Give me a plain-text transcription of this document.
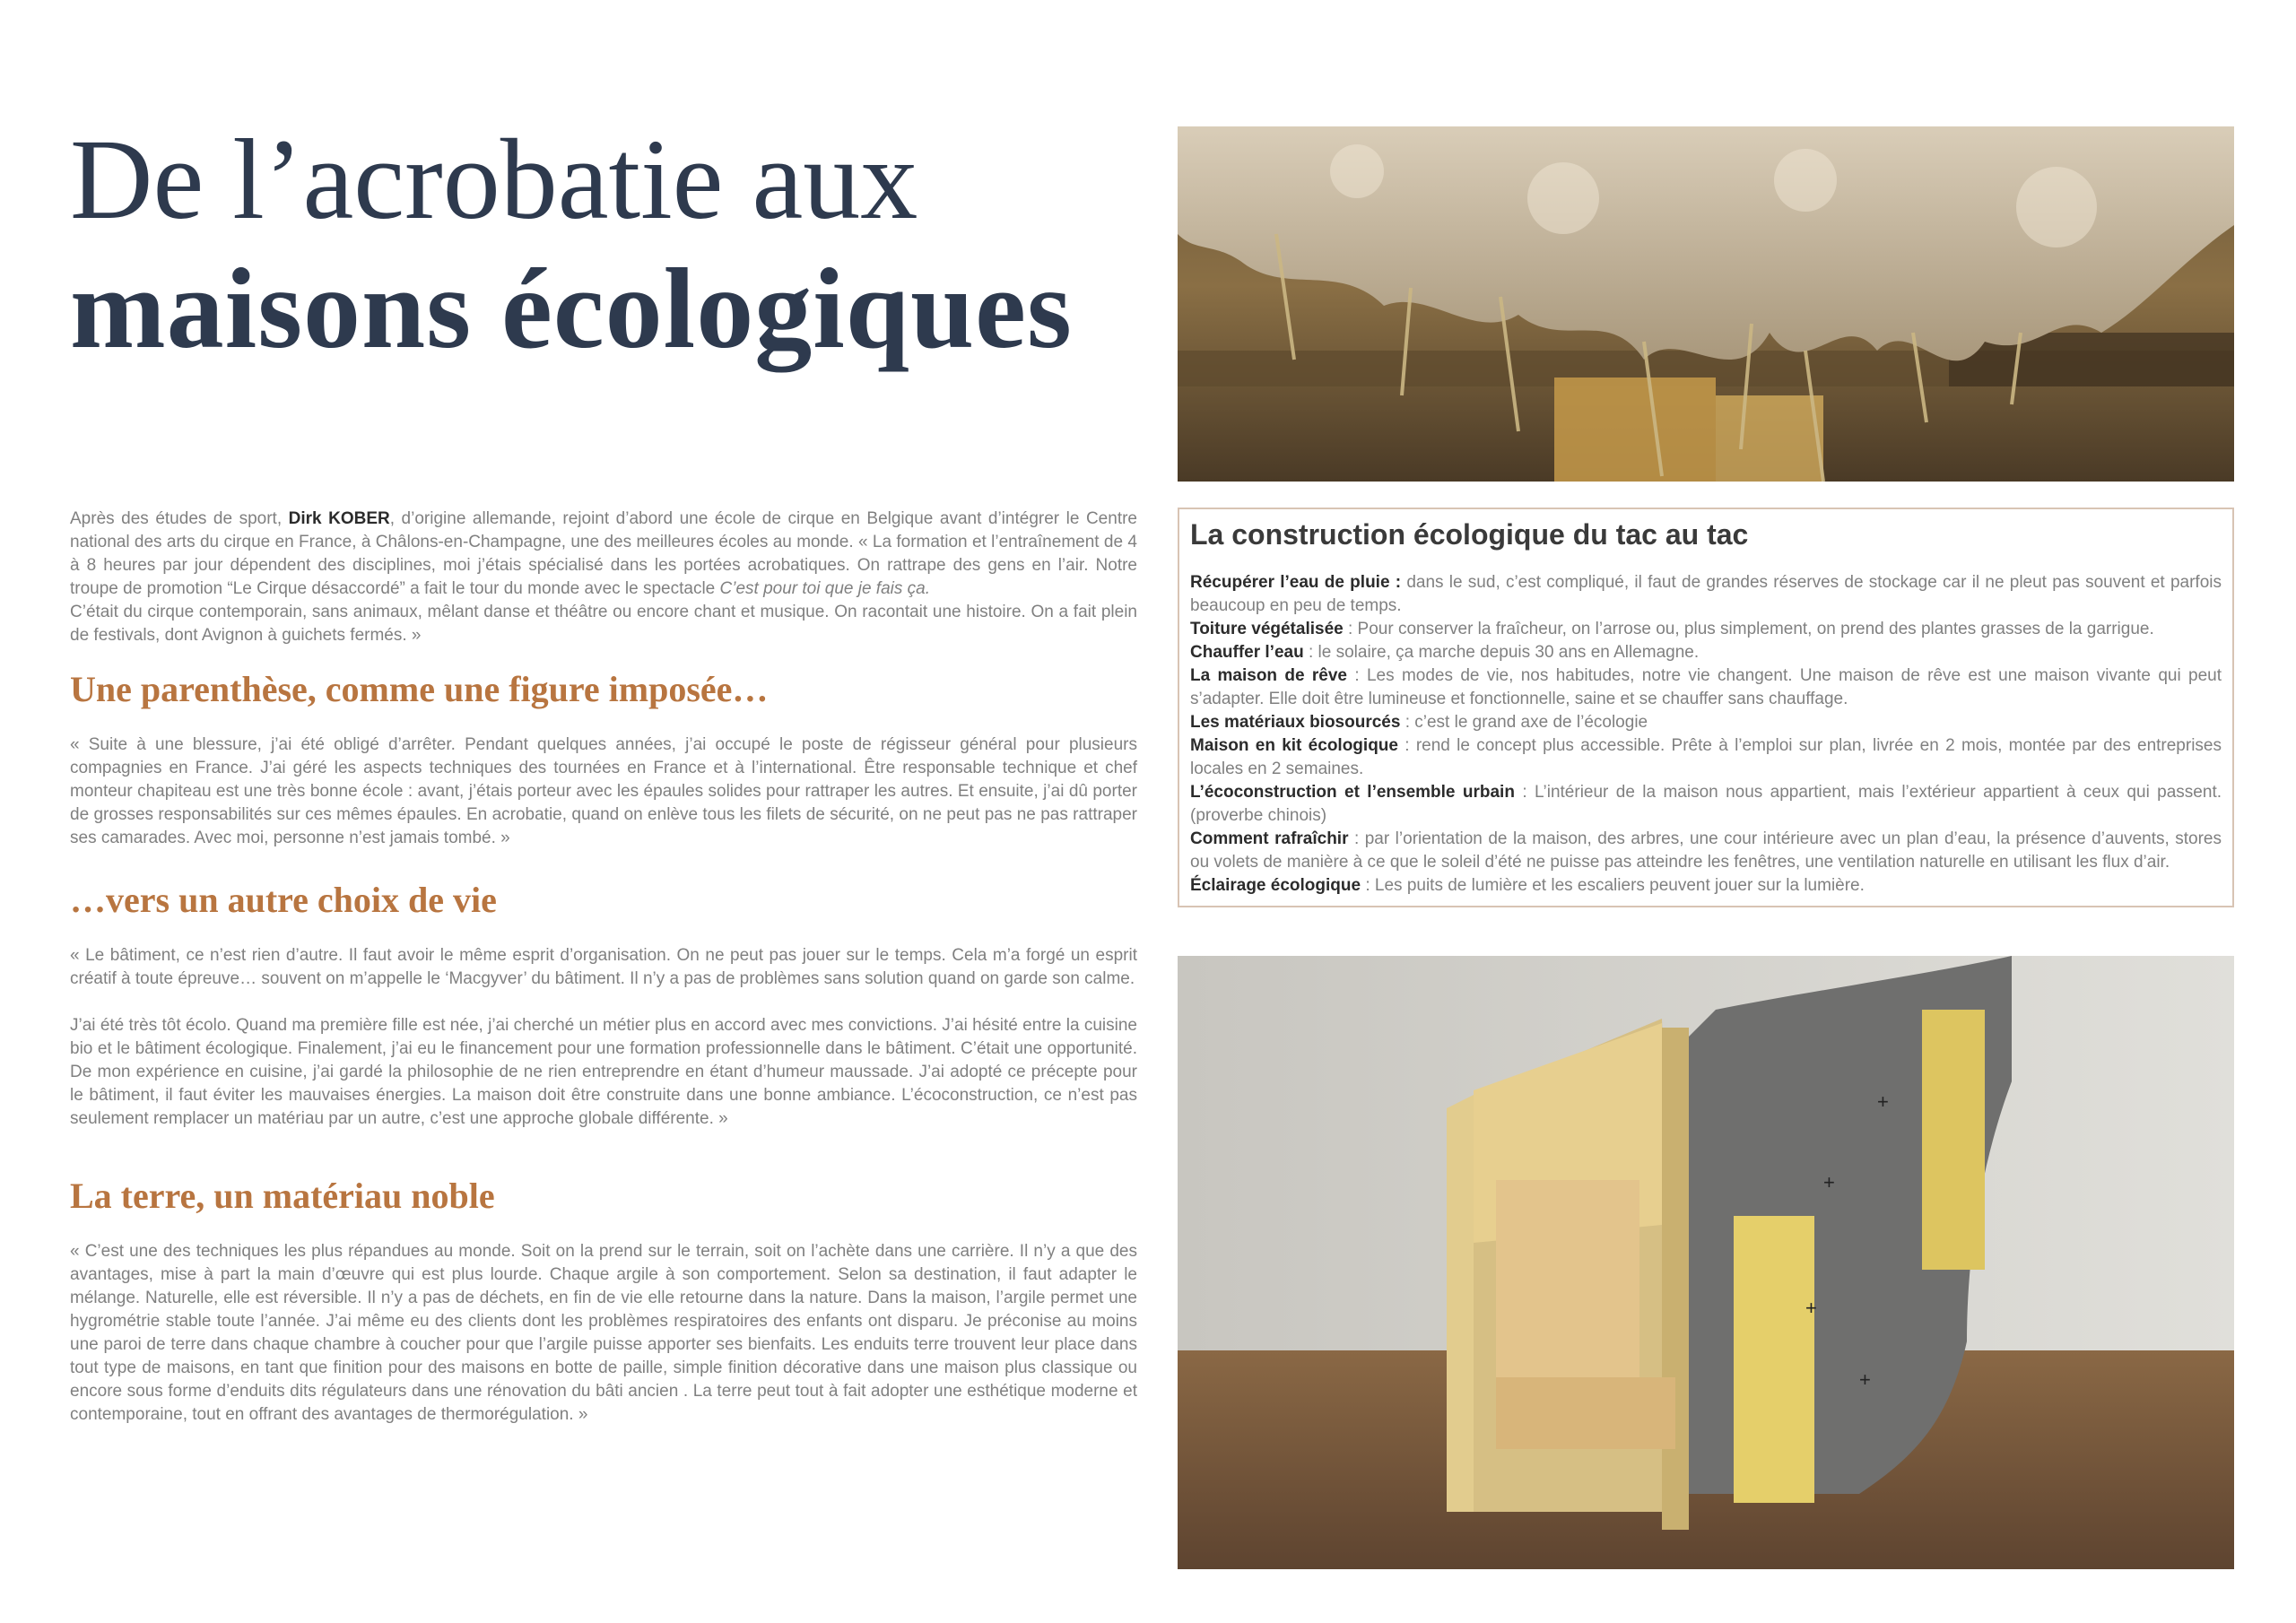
De l’acrobatie aux
maisons écologiques

Après des études de sport, Dirk KOBER, d’origine allemande, rejoint d’abord une école de cirque en Belgique avant d’intégrer le Centre national des arts du cirque en France, à Châlons-en-Champagne, une des meilleures écoles au monde. « La formation et l’entraînement de 4 à 8 heures par jour dépendent des disciplines, moi j’étais spécialisé dans les portées acrobatiques. On rattrape des gens en l’air. Notre troupe de promotion “Le Cirque désaccordé” a fait le tour du monde avec le spectacle C’est pour toi que je fais ça.
C’était du cirque contemporain, sans animaux, mêlant danse et théâtre ou encore chant et musique. On racontait une histoire. On a fait plein de festivals, dont Avignon à guichets fermés. »

Une parenthèse, comme une figure imposée…

« Suite à une blessure, j’ai été obligé d’arrêter. Pendant quelques années, j’ai occupé le poste de régisseur général pour plusieurs compagnies en France. J’ai géré les aspects techniques des tournées en France et à l’international. Être responsable technique et chef monteur chapiteau est une très bonne école : avant, j’étais porteur avec les épaules solides pour rattraper les autres. Et ensuite, j’ai dû porter de grosses responsabilités sur ces mêmes épaules. En acrobatie, quand on enlève tous les filets de sécurité, on ne peut pas ne pas rattraper ses camarades. Avec moi, personne n’est jamais tombé. »

…vers un autre choix de vie

« Le bâtiment, ce n’est rien d’autre. Il faut avoir le même esprit d’organisation. On ne peut pas jouer sur le temps. Cela m’a forgé un esprit créatif à toute épreuve… souvent on m’appelle le ‘Macgyver’ du bâtiment. Il n’y a pas de problèmes sans solution quand on garde son calme.

J’ai été très tôt écolo. Quand ma première fille est née, j’ai cherché un métier plus en accord avec mes convictions. J’ai hésité entre la cuisine bio et le bâtiment écologique. Finalement, j’ai eu le financement pour une formation professionnelle dans le bâtiment. C’était une opportunité. De mon expérience en cuisine, j’ai gardé la philosophie de ne rien entreprendre en étant d’humeur maussade. J’ai adopté ce précepte pour le bâtiment, il faut éviter les mauvaises énergies. La maison doit être construite dans une bonne ambiance. L’écoconstruction, ce n’est pas seulement remplacer un matériau par un autre, c’est une approche globale différente. »

La terre, un matériau noble

« C’est une des techniques les plus répandues au monde. Soit on la prend sur le terrain, soit on l’achète dans une carrière. Il n’y a que des avantages, mise à part la main d’œuvre qui est plus lourde. Chaque argile à son comportement. Selon sa destination, il faut adapter le mélange. Naturelle, elle est réversible. Il n’y a pas de déchets, en fin de vie elle retourne dans la nature. Dans la maison, l’argile permet une hygrométrie stable toute l’année. J’ai même eu des clients dont les problèmes respiratoires des enfants ont disparu. Je préconise au moins une paroi de terre dans chaque chambre à coucher pour que l’argile puisse apporter ses bienfaits. Les enduits terre trouvent leur place dans tout type de maisons, en tant que finition pour des maisons en botte de paille, simple finition décorative dans une maison plus classique ou encore sous forme d’enduits dits régulateurs dans une rénovation du bâti ancien . La terre peut tout à fait adopter une esthétique moderne et contemporaine, tout en offrant des avantages de thermorégulation. »

La construction écologique du tac au tac

Récupérer l’eau de pluie : dans le sud, c’est compliqué, il faut de grandes réserves de stockage car il ne pleut pas souvent et parfois beaucoup en peu de temps.

Toiture végétalisée : Pour conserver la fraîcheur, on l’arrose ou, plus simplement, on prend des plantes grasses de la garrigue.

Chauffer l’eau : le solaire, ça marche depuis 30 ans en Allemagne.

La maison de rêve : Les modes de vie, nos habitudes, notre vie changent. Une maison de rêve est une maison vivante qui peut s’adapter. Elle doit être lumineuse et fonctionnelle, saine et se chauffer sans chauffage.

Les matériaux biosourcés : c’est le grand axe de l’écologie

Maison en kit écologique : rend le concept plus accessible. Prête à l’emploi sur plan, livrée en 2 mois, montée par des entreprises locales en 2 semaines.

L’écoconstruction et l’ensemble urbain : L’intérieur de la maison nous appartient, mais l’extérieur appartient à ceux qui passent. (proverbe chinois)

Comment rafraîchir : par l’orientation de la maison, des arbres, une cour intérieure avec un plan d’eau, la présence d’auvents, stores ou volets de manière à ce que le soleil d’été ne puisse pas atteindre les fenêtres, une ventilation naturelle en utilisant les flux d’air.

Éclairage écologique : Les puits de lumière et les escaliers peuvent jouer sur la lumière.

+
+
+
+
